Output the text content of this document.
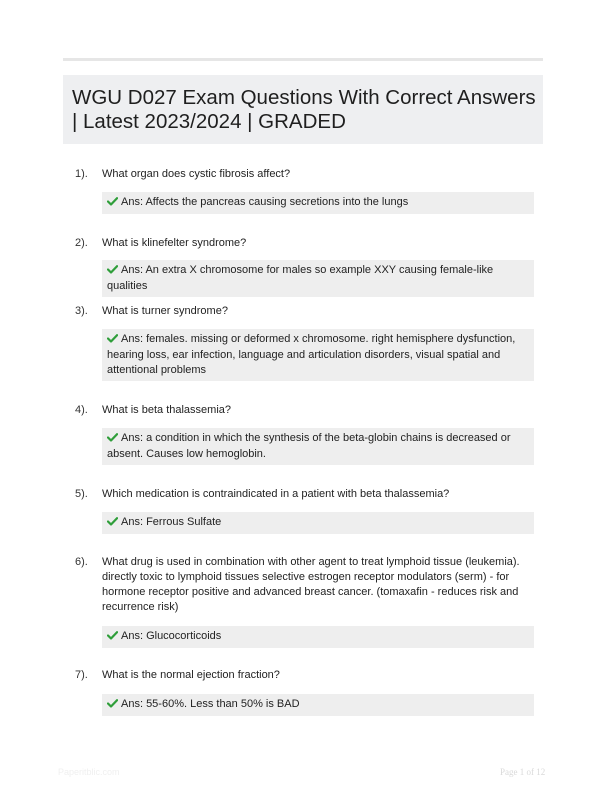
WGU D027 Exam Questions With Correct Answers | Latest 2023/2024 | GRADED
1). What organ does cystic fibrosis affect?
Ans: Affects the pancreas causing secretions into the lungs
2). What is klinefelter syndrome?
Ans: An extra X chromosome for males so example XXY causing female-like qualities
3). What is turner syndrome?
Ans: females. missing or deformed x chromosome. right hemisphere dysfunction, hearing loss, ear infection, language and articulation disorders, visual spatial and attentional problems
4). What is beta thalassemia?
Ans: a condition in which the synthesis of the beta-globin chains is decreased or absent. Causes low hemoglobin.
5). Which medication is contraindicated in a patient with beta thalassemia?
Ans: Ferrous Sulfate
6). What drug is used in combination with other agent to treat lymphoid tissue (leukemia). directly toxic to lymphoid tissues selective estrogen receptor modulators (serm) - for hormone receptor positive and advanced breast cancer. (tomaxafin - reduces risk and recurrence risk)
Ans: Glucocorticoids
7). What is the normal ejection fraction?
Ans: 55-60%. Less than 50% is BAD
Paperitblic.com	Page 1 of 12
